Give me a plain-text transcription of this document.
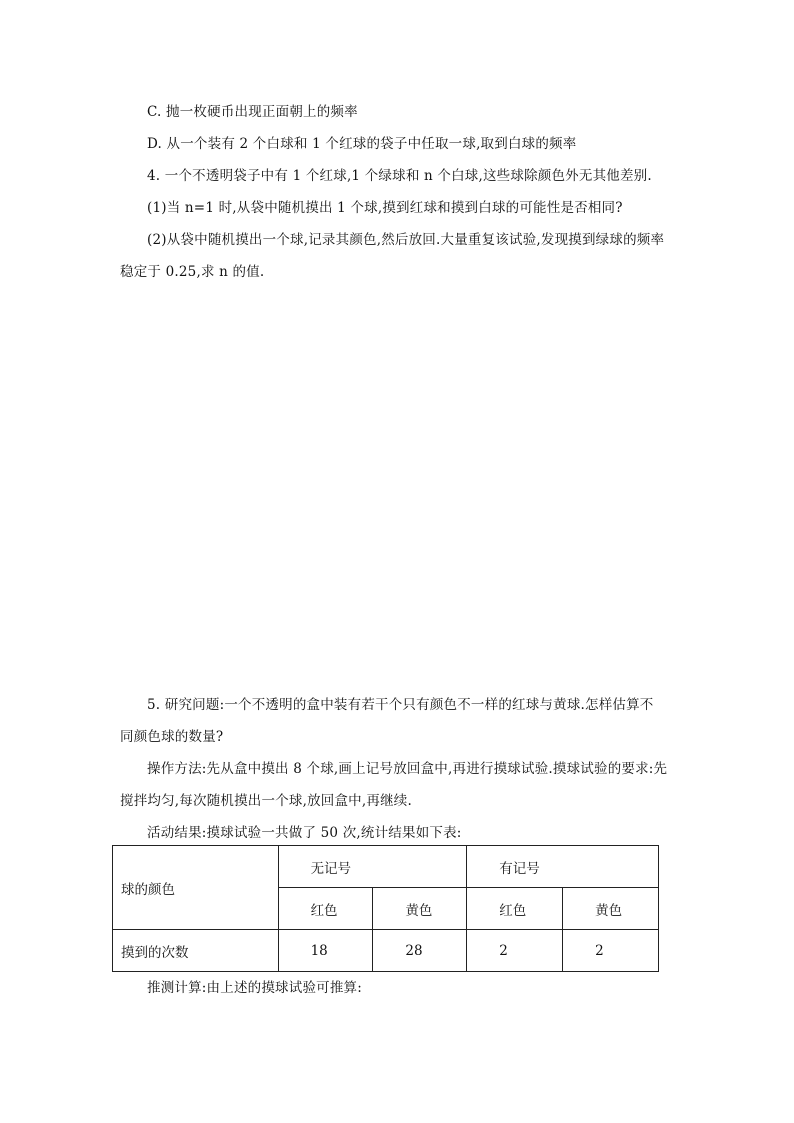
C. 抛一枚硬币出现正面朝上的频率
D. 从一个装有 2 个白球和 1 个红球的袋子中任取一球,取到白球的频率
4. 一个不透明袋子中有 1 个红球,1 个绿球和 n 个白球,这些球除颜色外无其他差别.
(1)当 n=1 时,从袋中随机摸出 1 个球,摸到红球和摸到白球的可能性是否相同?
(2)从袋中随机摸出一个球,记录其颜色,然后放回.大量重复该试验,发现摸到绿球的频率
稳定于 0.25,求 n 的值.
5. 研究问题:一个不透明的盒中装有若干个只有颜色不一样的红球与黄球.怎样估算不
同颜色球的数量?
操作方法:先从盒中摸出 8 个球,画上记号放回盒中,再进行摸球试验.摸球试验的要求:先
搅拌均匀,每次随机摸出一个球,放回盒中,再继续.
活动结果:摸球试验一共做了 50 次,统计结果如下表:
球的颜色	无记号		有记号	
	红色	黄色	红色	黄色
摸到的次数	18	28	2	2
推测计算:由上述的摸球试验可推算:
